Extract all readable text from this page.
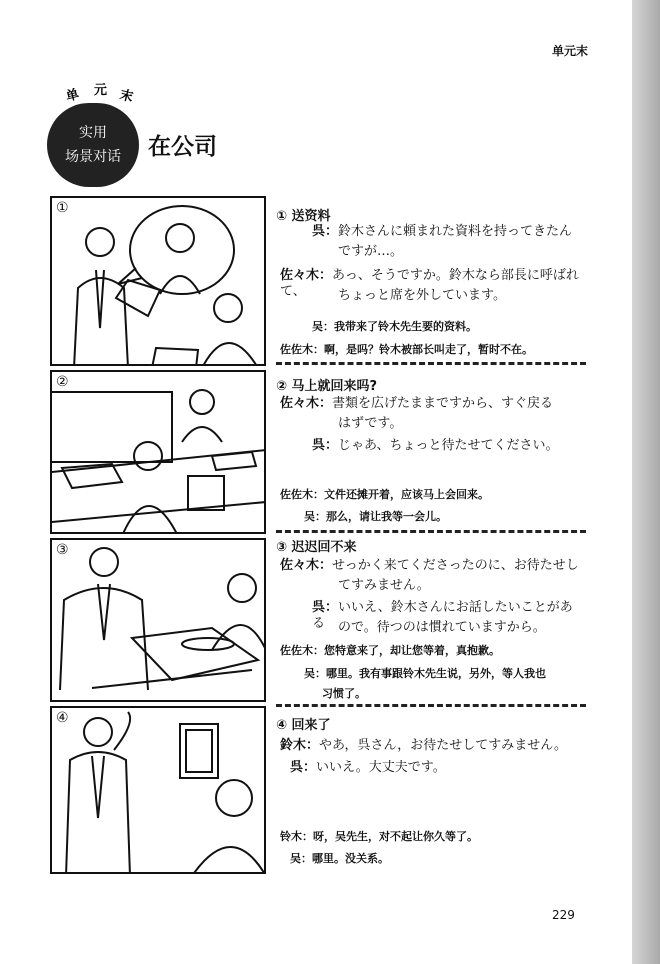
单元末
单 元 末
实用
场景对话 在公司
①
②
③
④
① 送资料
呉：鈴木さんに頼まれた資料を持ってきたん
ですが…。
佐々木：あっ、そうですか。鈴木なら部長に呼ばれて、	ちょっと席を外しています。
吴：我带来了铃木先生要的资料。
佐佐木：啊，是吗？铃木被部长叫走了，暂时不在。
② 马上就回来吗?
佐々木：書類を広げたままですから、すぐ戻る
はずです。
呉：じゃあ、ちょっと待たせてください。
佐佐木：文件还摊开着，应该马上会回来。
吴：那么，请让我等一会儿。
③ 迟迟回不来
佐々木：せっかく来てくださったのに、お待たせし
てすみません。
呉：いいえ、鈴木さんにお話したいことがある ので。待つのは慣れていますから。
佐佐木：您特意来了，却让您等着，真抱歉。
吴：哪里。我有事跟铃木先生说，另外，等人我也
习惯了。
④ 回来了
鈴木：やあ，呉さん，お待たせしてすみません。
呉：いいえ。大丈夫です。
铃木：呀，吴先生，对不起让你久等了。
吴：哪里。没关系。
229
